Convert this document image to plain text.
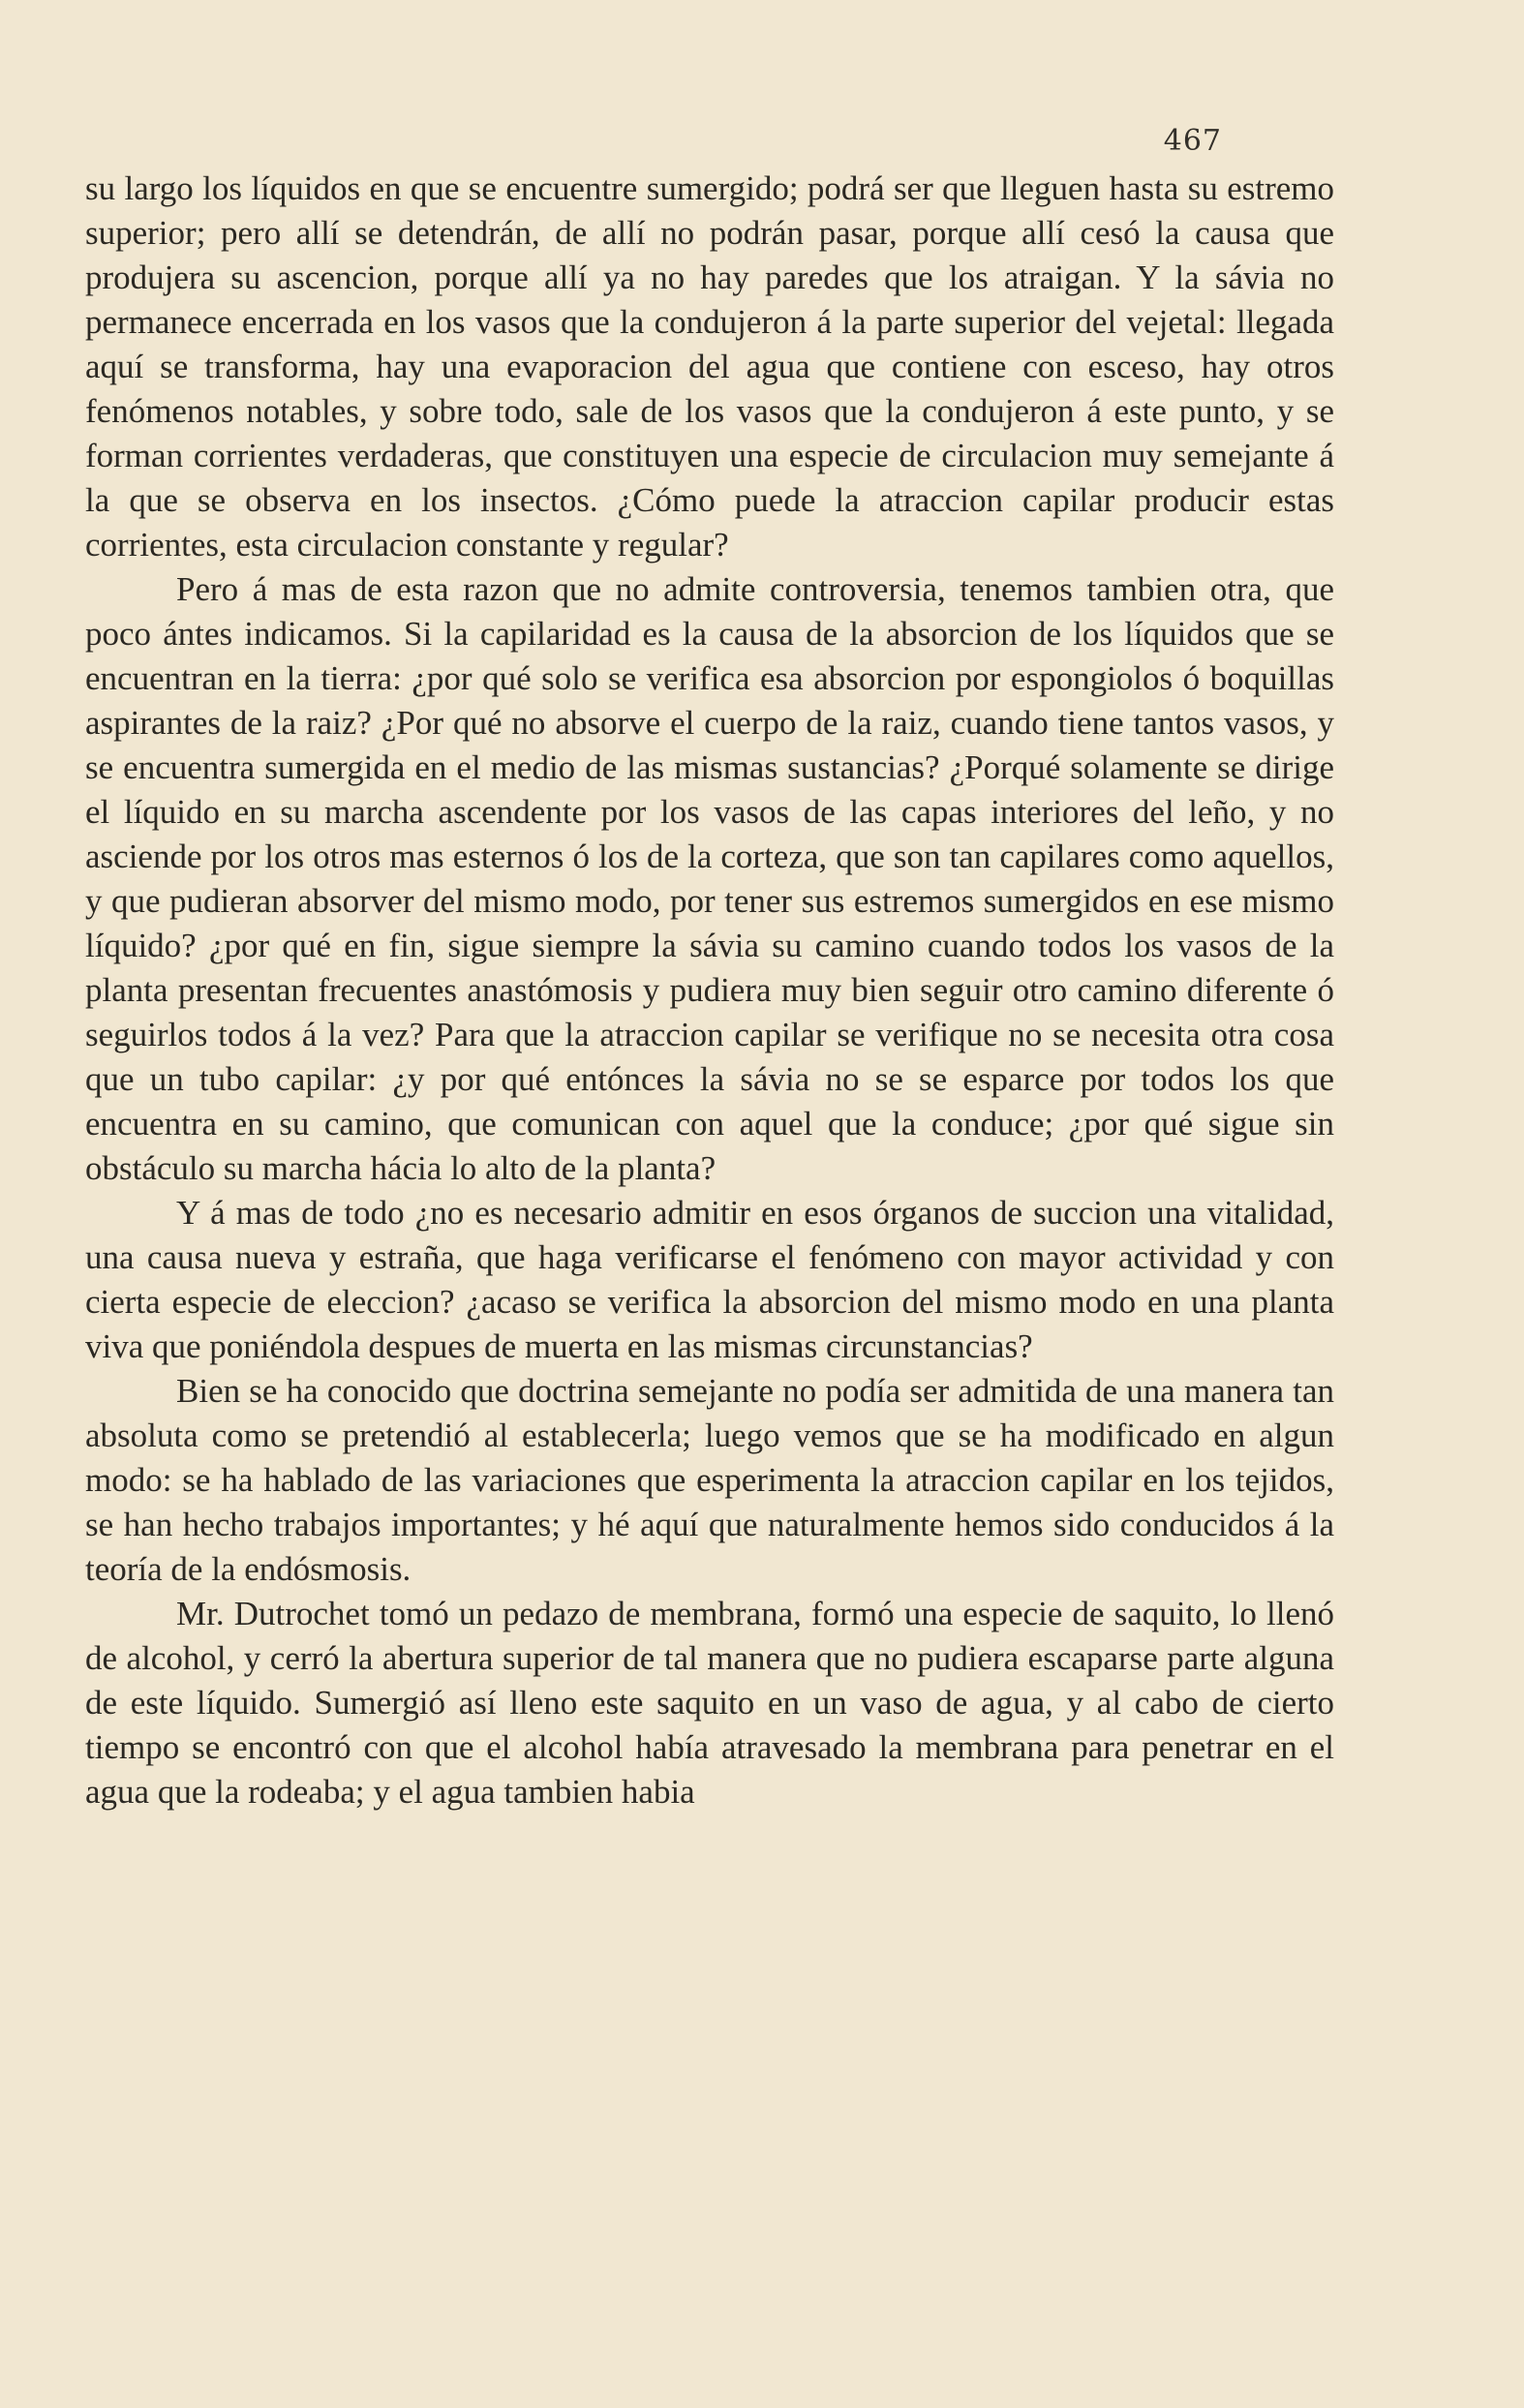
467

su largo los líquidos en que se encuentre sumergido; podrá ser que lleguen hasta su estremo superior; pero allí se detendrán, de allí no podrán pasar, porque allí cesó la causa que produjera su ascencion, porque allí ya no hay paredes que los atraigan. Y la sávia no permanece encerrada en los vasos que la condujeron á la parte superior del vejetal: llegada aquí se transforma, hay una evaporacion del agua que contiene con esceso, hay otros fenómenos notables, y sobre todo, sale de los vasos que la condujeron á este punto, y se forman corrientes verdaderas, que constituyen una especie de circulacion muy semejante á la que se observa en los insectos. ¿Cómo puede la atraccion capilar producir estas corrientes, esta circulacion constante y regular?

Pero á mas de esta razon que no admite controversia, tenemos tambien otra, que poco ántes indicamos. Si la capilaridad es la causa de la absorcion de los líquidos que se encuentran en la tierra: ¿por qué solo se verifica esa absorcion por espongiolos ó boquillas aspirantes de la raiz? ¿Por qué no absorve el cuerpo de la raiz, cuando tiene tantos vasos, y se encuentra sumergida en el medio de las mismas sustancias? ¿Porqué solamente se dirige el líquido en su marcha ascendente por los vasos de las capas interiores del leño, y no asciende por los otros mas esternos ó los de la corteza, que son tan capilares como aquellos, y que pudieran absorver del mismo modo, por tener sus estremos sumergidos en ese mismo líquido? ¿por qué en fin, sigue siempre la sávia su camino cuando todos los vasos de la planta presentan frecuentes anastómosis y pudiera muy bien seguir otro camino diferente ó seguirlos todos á la vez? Para que la atraccion capilar se verifique no se necesita otra cosa que un tubo capilar: ¿y por qué entónces la sávia no se se esparce por todos los que encuentra en su camino, que comunican con aquel que la conduce; ¿por qué sigue sin obstáculo su marcha hácia lo alto de la planta?

Y á mas de todo ¿no es necesario admitir en esos órganos de succion una vitalidad, una causa nueva y estraña, que haga verificarse el fenómeno con mayor actividad y con cierta especie de eleccion? ¿acaso se verifica la absorcion del mismo modo en una planta viva que poniéndola despues de muerta en las mismas circunstancias?

Bien se ha conocido que doctrina semejante no podía ser admitida de una manera tan absoluta como se pretendió al establecerla; luego vemos que se ha modificado en algun modo: se ha hablado de las variaciones que esperimenta la atraccion capilar en los tejidos, se han hecho trabajos importantes; y hé aquí que naturalmente hemos sido conducidos á la teoría de la endósmosis.

Mr. Dutrochet tomó un pedazo de membrana, formó una especie de saquito, lo llenó de alcohol, y cerró la abertura superior de tal manera que no pudiera escaparse parte alguna de este líquido. Sumergió así lleno este saquito en un vaso de agua, y al cabo de cierto tiempo se encontró con que el alcohol había atravesado la membrana para penetrar en el agua que la rodeaba; y el agua tambien habia
